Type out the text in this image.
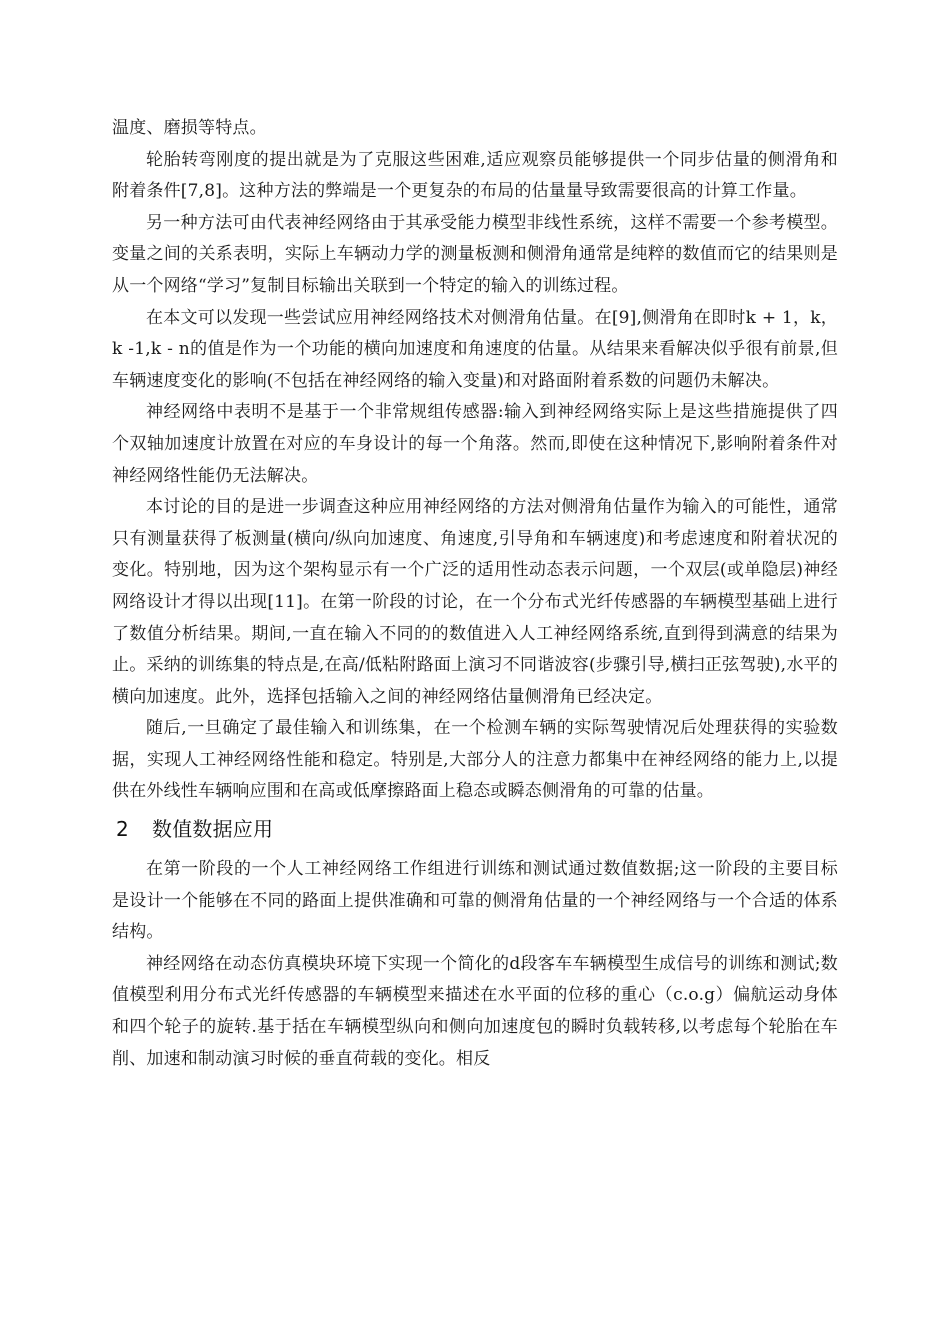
温度、磨损等特点。

轮胎转弯刚度的提出就是为了克服这些困难,适应观察员能够提供一个同步估量的侧滑角和附着条件[7,8]。这种方法的弊端是一个更复杂的布局的估量量导致需要很高的计算工作量。

另一种方法可由代表神经网络由于其承受能力模型非线性系统，这样不需要一个参考模型。变量之间的关系表明，实际上车辆动力学的测量板测和侧滑角通常是纯粹的数值而它的结果则是从一个网络“学习”复制目标输出关联到一个特定的输入的训练过程。

在本文可以发现一些尝试应用神经网络技术对侧滑角估量。在[9],侧滑角在即时k + 1，k，k -1,k - n的值是作为一个功能的横向加速度和角速度的估量。从结果来看解决似乎很有前景,但车辆速度变化的影响(不包括在神经网络的输入变量)和对路面附着系数的问题仍未解决。

神经网络中表明不是基于一个非常规组传感器:输入到神经网络实际上是这些措施提供了四个双轴加速度计放置在对应的车身设计的每一个角落。然而,即使在这种情况下,影响附着条件对神经网络性能仍无法解决。

本讨论的目的是进一步调查这种应用神经网络的方法对侧滑角估量作为输入的可能性，通常只有测量获得了板测量(横向/纵向加速度、角速度,引导角和车辆速度)和考虑速度和附着状况的变化。特别地，因为这个架构显示有一个广泛的适用性动态表示问题，一个双层(或单隐层)神经网络设计才得以出现[11]。在第一阶段的讨论，在一个分布式光纤传感器的车辆模型基础上进行了数值分析结果。期间,一直在输入不同的的数值进入人工神经网络系统,直到得到满意的结果为止。采纳的训练集的特点是,在高/低粘附路面上演习不同谐波容(步骤引导,横扫正弦驾驶),水平的横向加速度。此外，选择包括输入之间的神经网络估量侧滑角已经决定。

随后,一旦确定了最佳输入和训练集，在一个检测车辆的实际驾驶情况后处理获得的实验数据，实现人工神经网络性能和稳定。特别是,大部分人的注意力都集中在神经网络的能力上,以提供在外线性车辆响应围和在高或低摩擦路面上稳态或瞬态侧滑角的可靠的估量。

2 数值数据应用

在第一阶段的一个人工神经网络工作组进行训练和测试通过数值数据;这一阶段的主要目标是设计一个能够在不同的路面上提供准确和可靠的侧滑角估量的一个神经网络与一个合适的体系结构。

神经网络在动态仿真模块环境下实现一个简化的d段客车车辆模型生成信号的训练和测试;数值模型利用分布式光纤传感器的车辆模型来描述在水平面的位移的重心（c.o.g）偏航运动身体和四个轮子的旋转.基于括在车辆模型纵向和侧向加速度包的瞬时负载转移,以考虑每个轮胎在车削、加速和制动演习时候的垂直荷载的变化。相反
